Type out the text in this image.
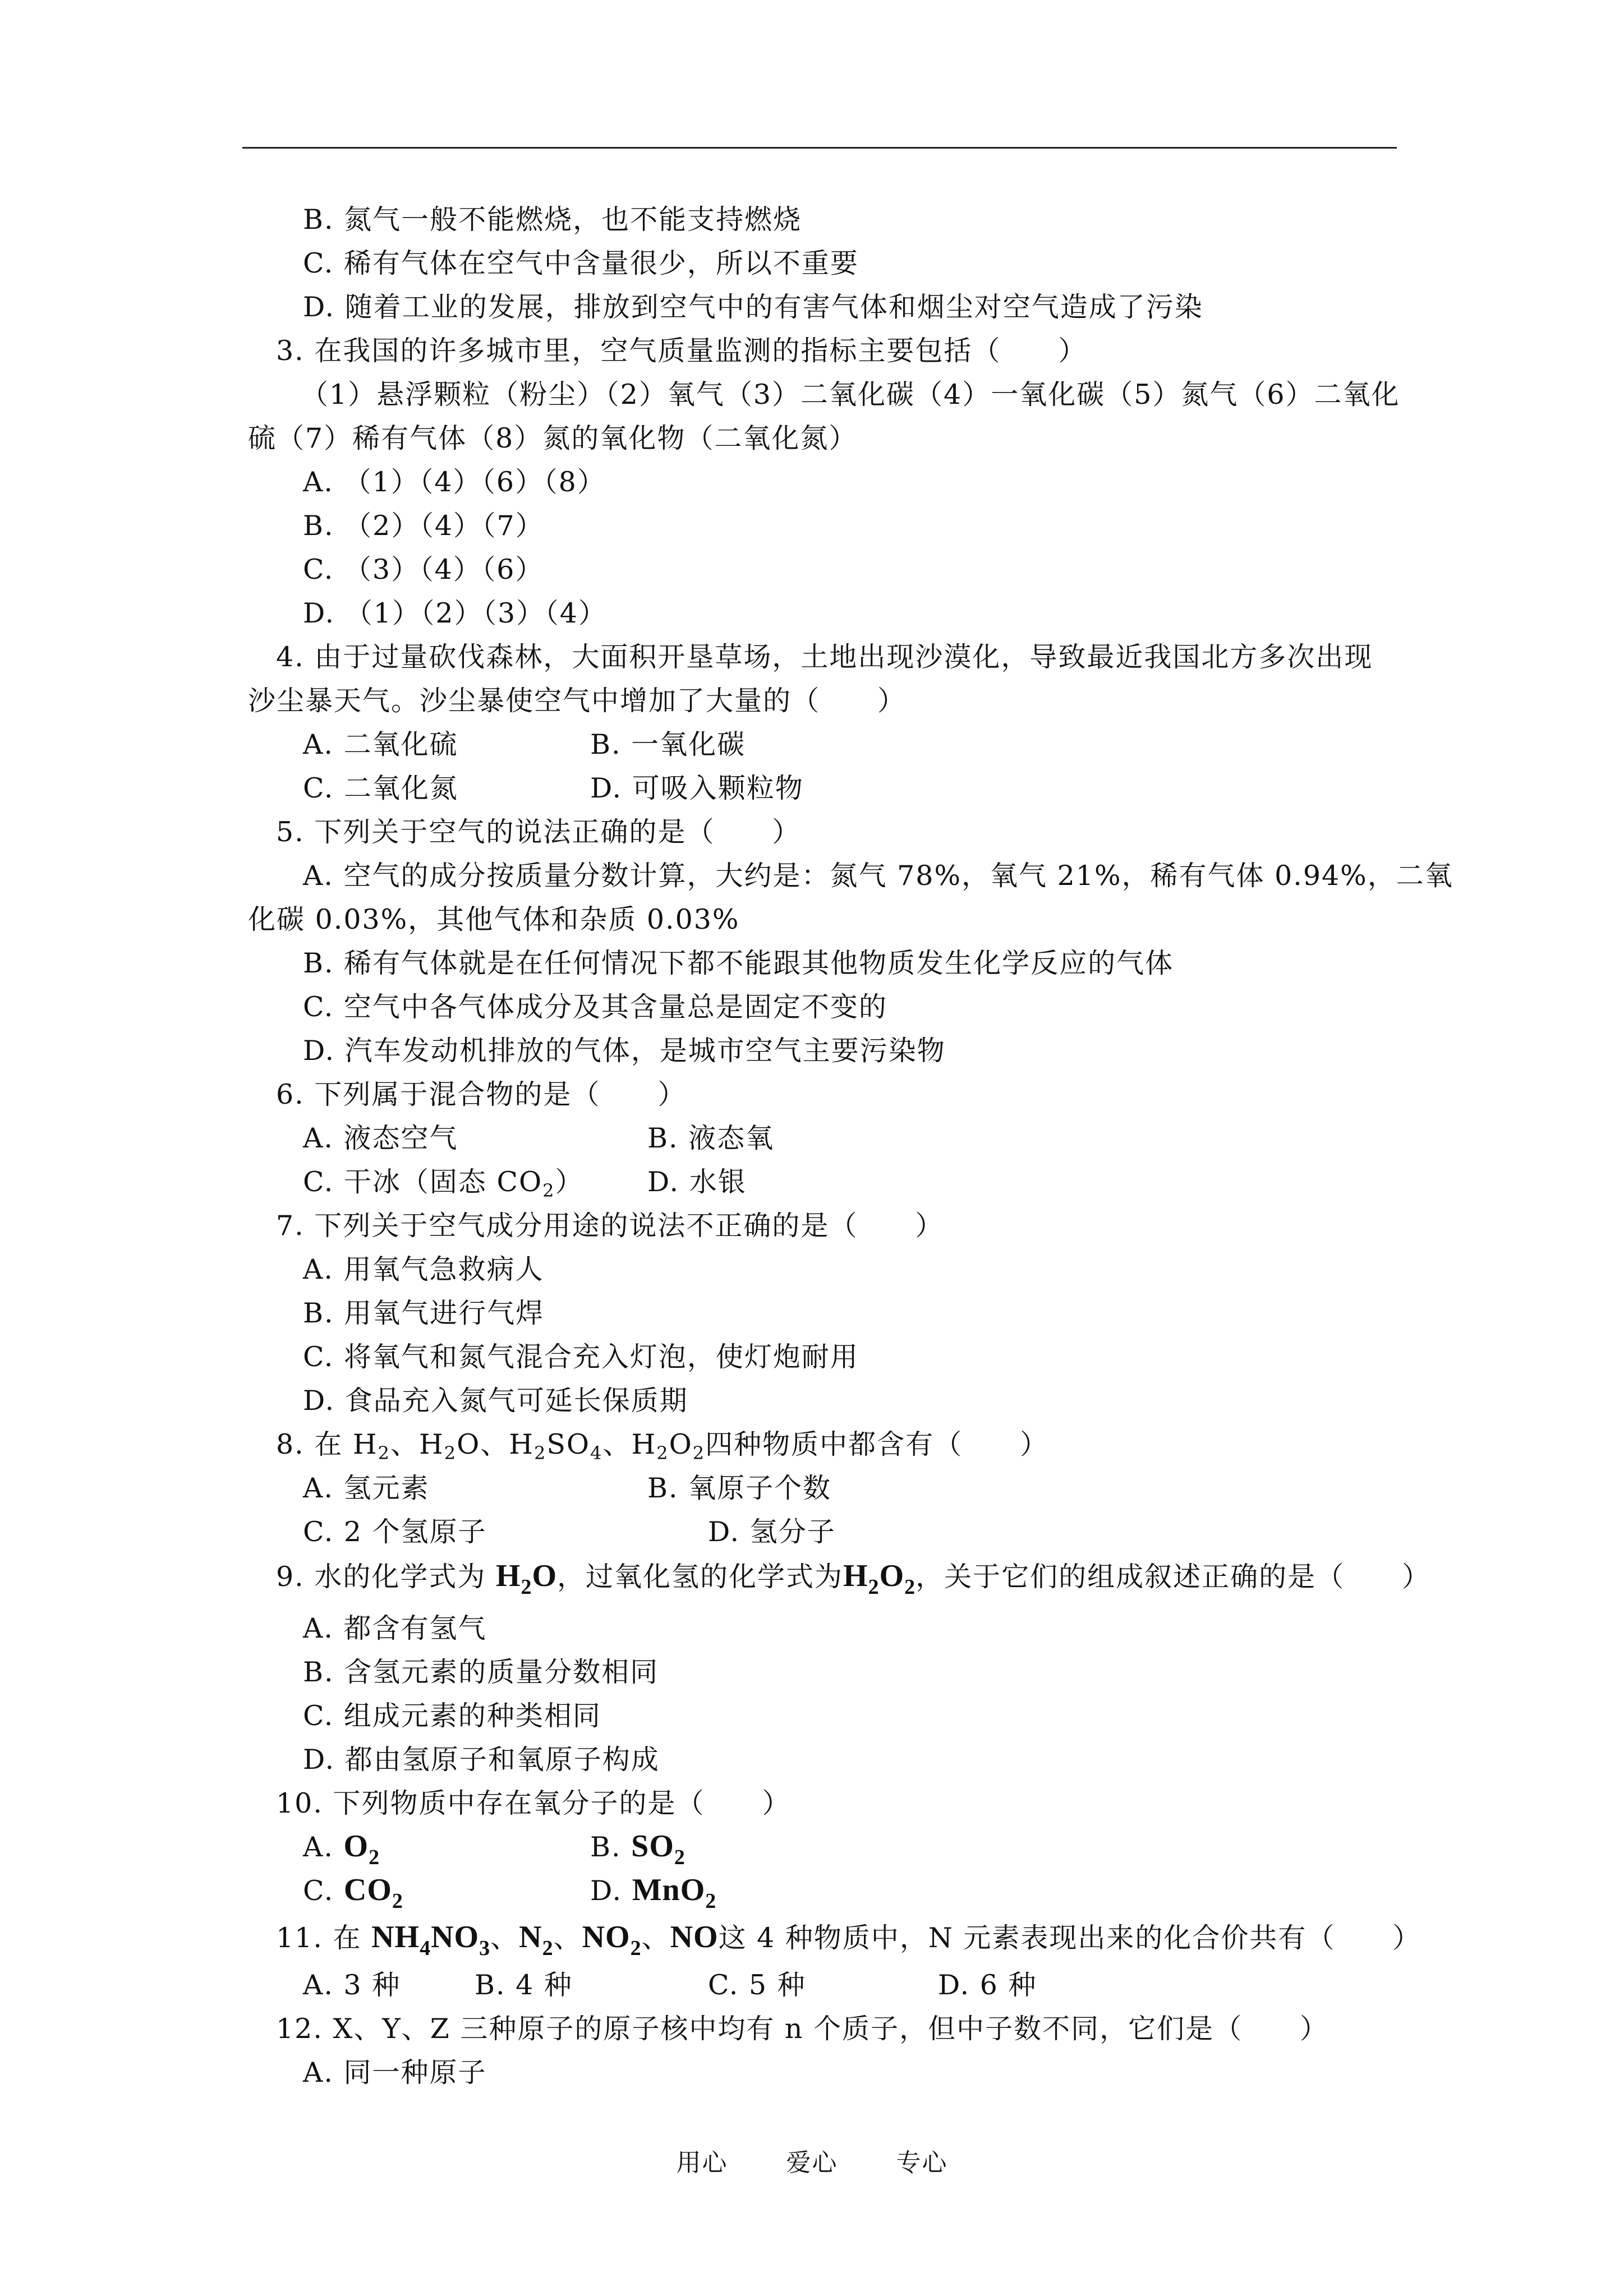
B. 氮气一般不能燃烧，也不能支持燃烧
C. 稀有气体在空气中含量很少，所以不重要
D. 随着工业的发展，排放到空气中的有害气体和烟尘对空气造成了污染
3. 在我国的许多城市里，空气质量监测的指标主要包括（　　）
（1）悬浮颗粒（粉尘）（2）氧气（3）二氧化碳（4）一氧化碳（5）氮气（6）二氧化
硫（7）稀有气体（8）氮的氧化物（二氧化氮）
A. （1）（4）（6）（8）
B. （2）（4）（7）
C. （3）（4）（6）
D. （1）（2）（3）（4）
4. 由于过量砍伐森林，大面积开垦草场，土地出现沙漠化，导致最近我国北方多次出现
沙尘暴天气。沙尘暴使空气中增加了大量的（　　）
A. 二氧化硫	B. 一氧化碳
C. 二氧化氮	D. 可吸入颗粒物
5. 下列关于空气的说法正确的是（　　）
A. 空气的成分按质量分数计算，大约是：氮气 78%，氧气 21%，稀有气体 0.94%，二氧
化碳 0.03%，其他气体和杂质 0.03%
B. 稀有气体就是在任何情况下都不能跟其他物质发生化学反应的气体
C. 空气中各气体成分及其含量总是固定不变的
D. 汽车发动机排放的气体，是城市空气主要污染物
6. 下列属于混合物的是（　　）
A. 液态空气	B. 液态氧
C. 干冰（固态 $CO_2$） D. 水银
7. 下列关于空气成分用途的说法不正确的是（　　）
A. 用氧气急救病人
B. 用氧气进行气焊
C. 将氧气和氮气混合充入灯泡，使灯炮耐用
D. 食品充入氮气可延长保质期
8. 在 $H_2$、$H_2O$、$H_2SO_4$、$H_2O_2$四种物质中都含有（　　）
A. 氢元素	B. 氧原子个数
C. 2 个氢原子	D. 氢分子
9. 水的化学式为 $H_2O$，过氧化氢的化学式为$H_2O_2$，关于它们的组成叙述正确的是（　　）
A. 都含有氢气
B. 含氢元素的质量分数相同
C. 组成元素的种类相同
D. 都由氢原子和氧原子构成
10. 下列物质中存在氧分子的是（　　）
A. $O_2$	B. $SO_2$
C. $CO_2$	D. MnO$_2$
11. 在 $NH_4NO_3$、$N_2$、$NO_2$、NO这 4 种物质中，N 元素表现出来的化合价共有（　　）
A. 3 种	B. 4 种	C. 5 种	D. 6 种
12. X、Y、Z 三种原子的原子核中均有 n 个质子，但中子数不同，它们是（　　）
A. 同一种原子
用心 爱心 专心
